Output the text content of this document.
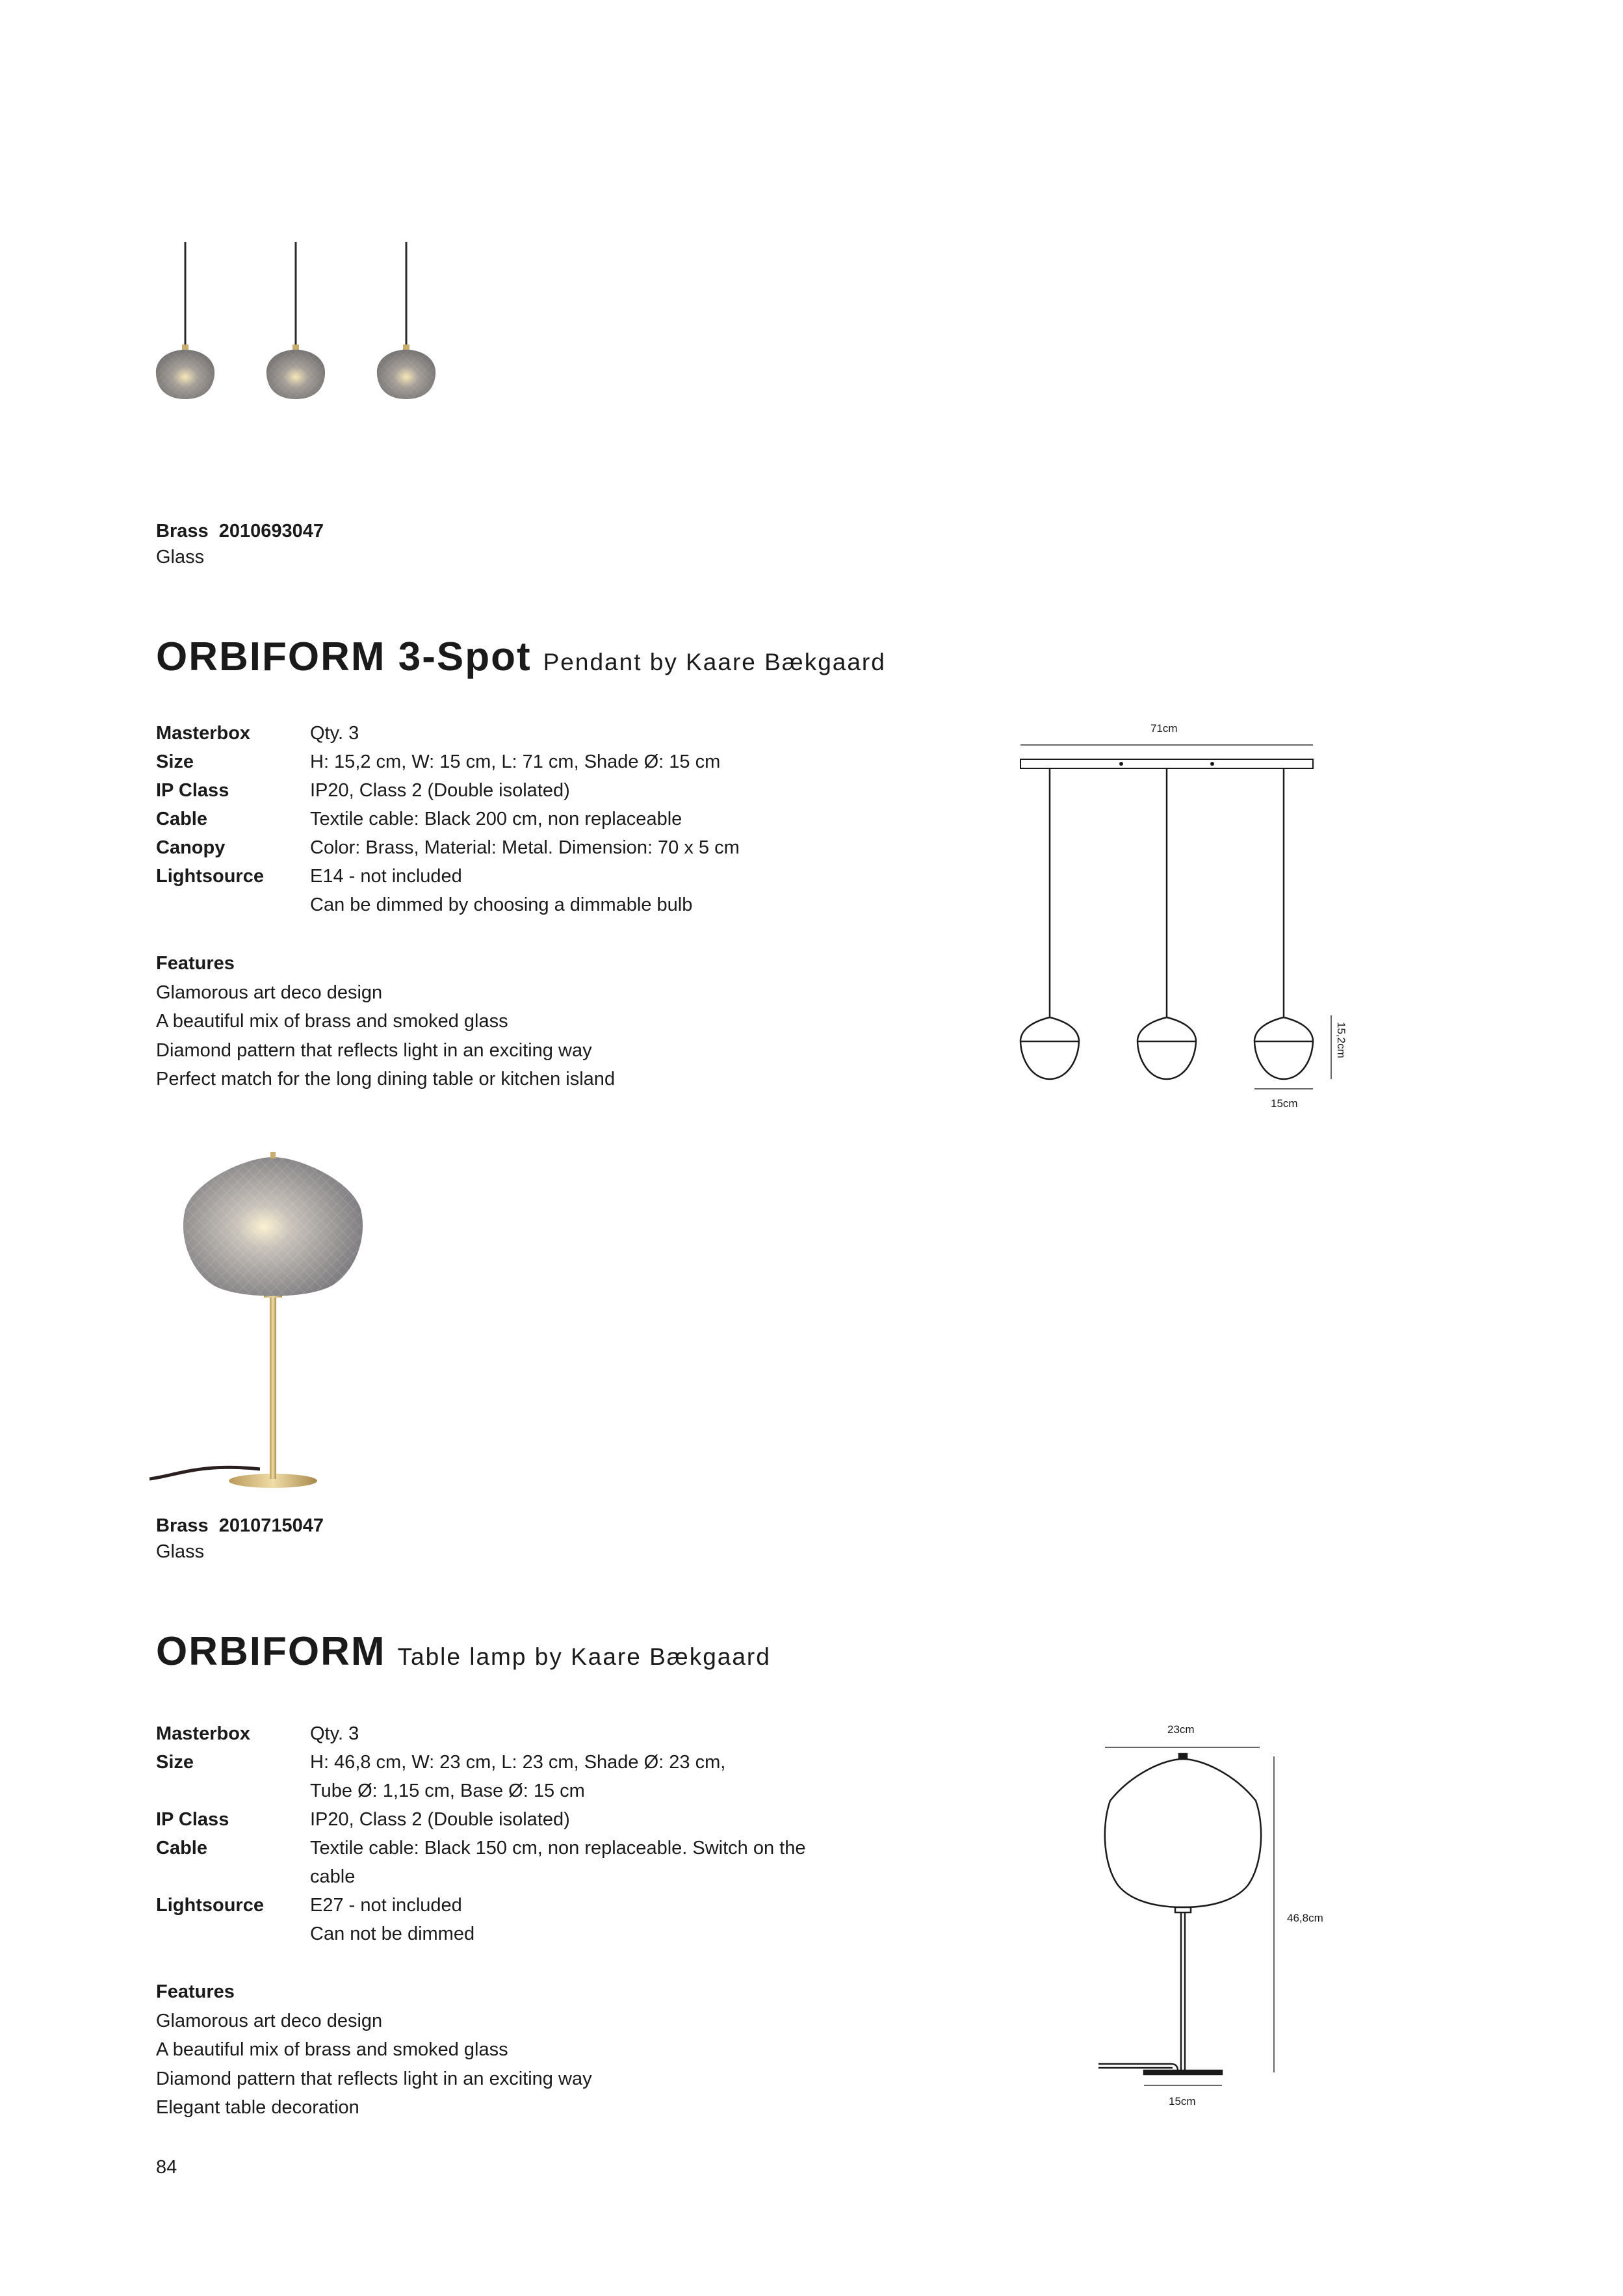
Brass 2010693047
Glass
ORBIFORM 3-Spot Pendant by Kaare Bækgaard
Masterbox	Qty. 3
Size	H: 15,2 cm, W: 15 cm, L: 71 cm, Shade Ø: 15 cm
IP Class	IP20, Class 2 (Double isolated)
Cable	Textile cable: Black 200 cm, non replaceable
Canopy	Color: Brass, Material: Metal. Dimension: 70 x 5 cm
Lightsource	E14 - not included
Can be dimmed by choosing a dimmable bulb
Features
Glamorous art deco design
A beautiful mix of brass and smoked glass
Diamond pattern that reflects light in an exciting way
Perfect match for the long dining table or kitchen island
71cm
15,2cm
15cm
Brass 2010715047
Glass
ORBIFORM Table lamp by Kaare Bækgaard
Masterbox	Qty. 3
Size	H: 46,8 cm, W: 23 cm, L: 23 cm, Shade Ø: 23 cm,
Tube Ø: 1,15 cm, Base Ø: 15 cm
IP Class	IP20, Class 2 (Double isolated)
Cable	Textile cable: Black 150 cm, non replaceable. Switch on the
cable
Lightsource	E27 - not included
Can not be dimmed
Features
Glamorous art deco design
A beautiful mix of brass and smoked glass
Diamond pattern that reflects light in an exciting way
Elegant table decoration
23cm
46,8cm
15cm
84
